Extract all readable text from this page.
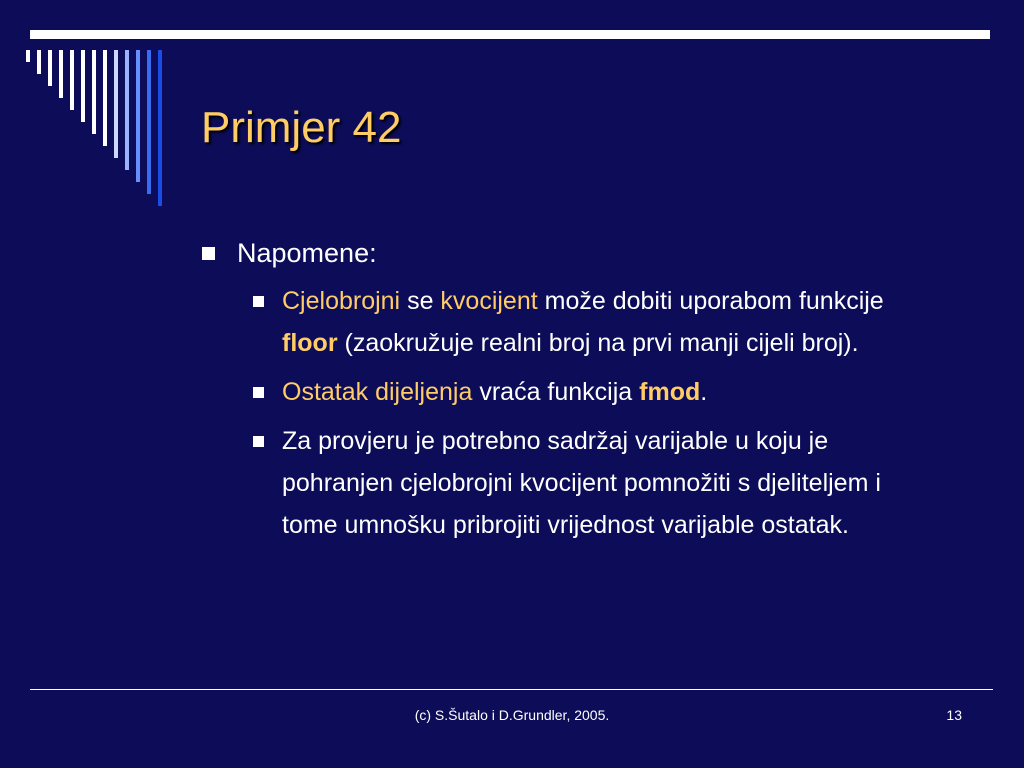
Primjer 42
Napomene:
Cjelobrojni se kvocijent može dobiti uporabom funkcije floor (zaokružuje realni broj na prvi manji cijeli broj).
Ostatak dijeljenja vraća funkcija fmod.
Za provjeru je potrebno sadržaj varijable u koju je pohranjen cjelobrojni kvocijent pomnožiti s djeliteljem i tome umnošku pribrojiti vrijednost varijable ostatak.
(c) S.Šutalo i D.Grundler, 2005.	13
